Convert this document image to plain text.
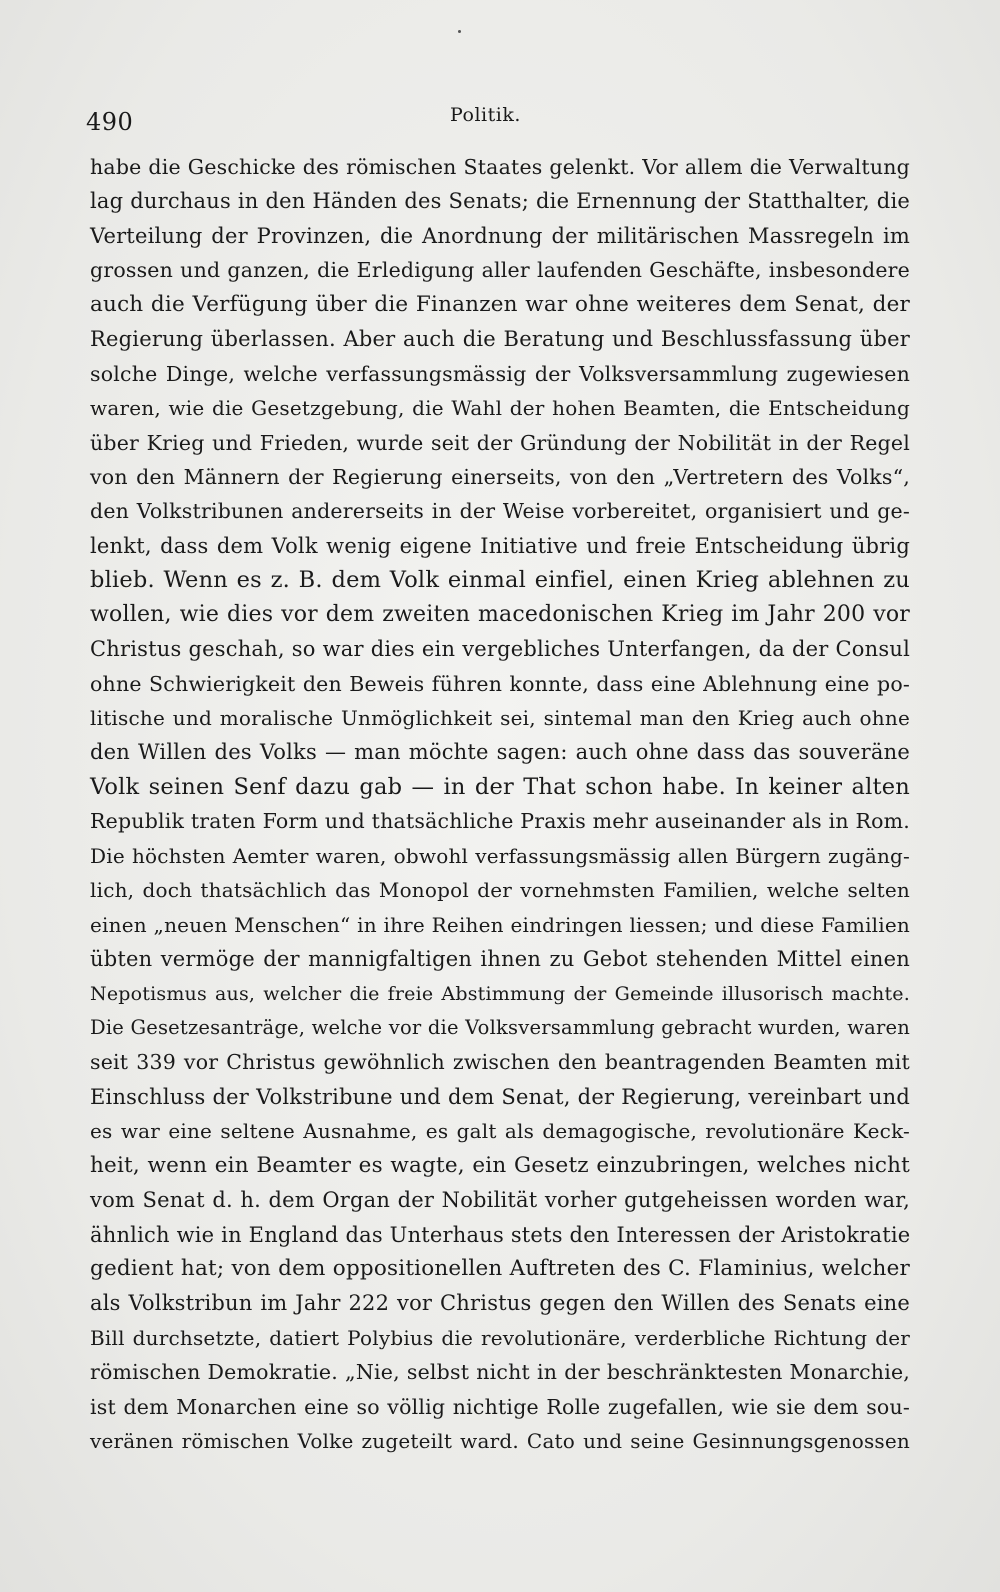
490	Politik.
habe die Geschicke des römischen Staates gelenkt. Vor allem die Verwaltung
lag durchaus in den Händen des Senats; die Ernennung der Statthalter, die
Verteilung der Provinzen, die Anordnung der militärischen Massregeln im
grossen und ganzen, die Erledigung aller laufenden Geschäfte, insbesondere
auch die Verfügung über die Finanzen war ohne weiteres dem Senat, der
Regierung überlassen. Aber auch die Beratung und Beschlussfassung über
solche Dinge, welche verfassungsmässig der Volksversammlung zugewiesen
waren, wie die Gesetzgebung, die Wahl der hohen Beamten, die Entscheidung
über Krieg und Frieden, wurde seit der Gründung der Nobilität in der Regel
von den Männern der Regierung einerseits, von den „Vertretern des Volks“,
den Volkstribunen andererseits in der Weise vorbereitet, organisiert und ge-
lenkt, dass dem Volk wenig eigene Initiative und freie Entscheidung übrig
blieb. Wenn es z. B. dem Volk einmal einfiel, einen Krieg ablehnen zu
wollen, wie dies vor dem zweiten macedonischen Krieg im Jahr 200 vor
Christus geschah, so war dies ein vergebliches Unterfangen, da der Consul
ohne Schwierigkeit den Beweis führen konnte, dass eine Ablehnung eine po-
litische und moralische Unmöglichkeit sei, sintemal man den Krieg auch ohne
den Willen des Volks — man möchte sagen: auch ohne dass das souveräne
Volk seinen Senf dazu gab — in der That schon habe. In keiner alten
Republik traten Form und thatsächliche Praxis mehr auseinander als in Rom.
Die höchsten Aemter waren, obwohl verfassungsmässig allen Bürgern zugäng-
lich, doch thatsächlich das Monopol der vornehmsten Familien, welche selten
einen „neuen Menschen“ in ihre Reihen eindringen liessen; und diese Familien
übten vermöge der mannigfaltigen ihnen zu Gebot stehenden Mittel einen
Nepotismus aus, welcher die freie Abstimmung der Gemeinde illusorisch machte.
Die Gesetzesanträge, welche vor die Volksversammlung gebracht wurden, waren
seit 339 vor Christus gewöhnlich zwischen den beantragenden Beamten mit
Einschluss der Volkstribune und dem Senat, der Regierung, vereinbart und
es war eine seltene Ausnahme, es galt als demagogische, revolutionäre Keck-
heit, wenn ein Beamter es wagte, ein Gesetz einzubringen, welches nicht
vom Senat d. h. dem Organ der Nobilität vorher gutgeheissen worden war,
ähnlich wie in England das Unterhaus stets den Interessen der Aristokratie
gedient hat; von dem oppositionellen Auftreten des C. Flaminius, welcher
als Volkstribun im Jahr 222 vor Christus gegen den Willen des Senats eine
Bill durchsetzte, datiert Polybius die revolutionäre, verderbliche Richtung der
römischen Demokratie. „Nie, selbst nicht in der beschränktesten Monarchie,
ist dem Monarchen eine so völlig nichtige Rolle zugefallen, wie sie dem sou-
veränen römischen Volke zugeteilt ward. Cato und seine Gesinnungsgenossen
